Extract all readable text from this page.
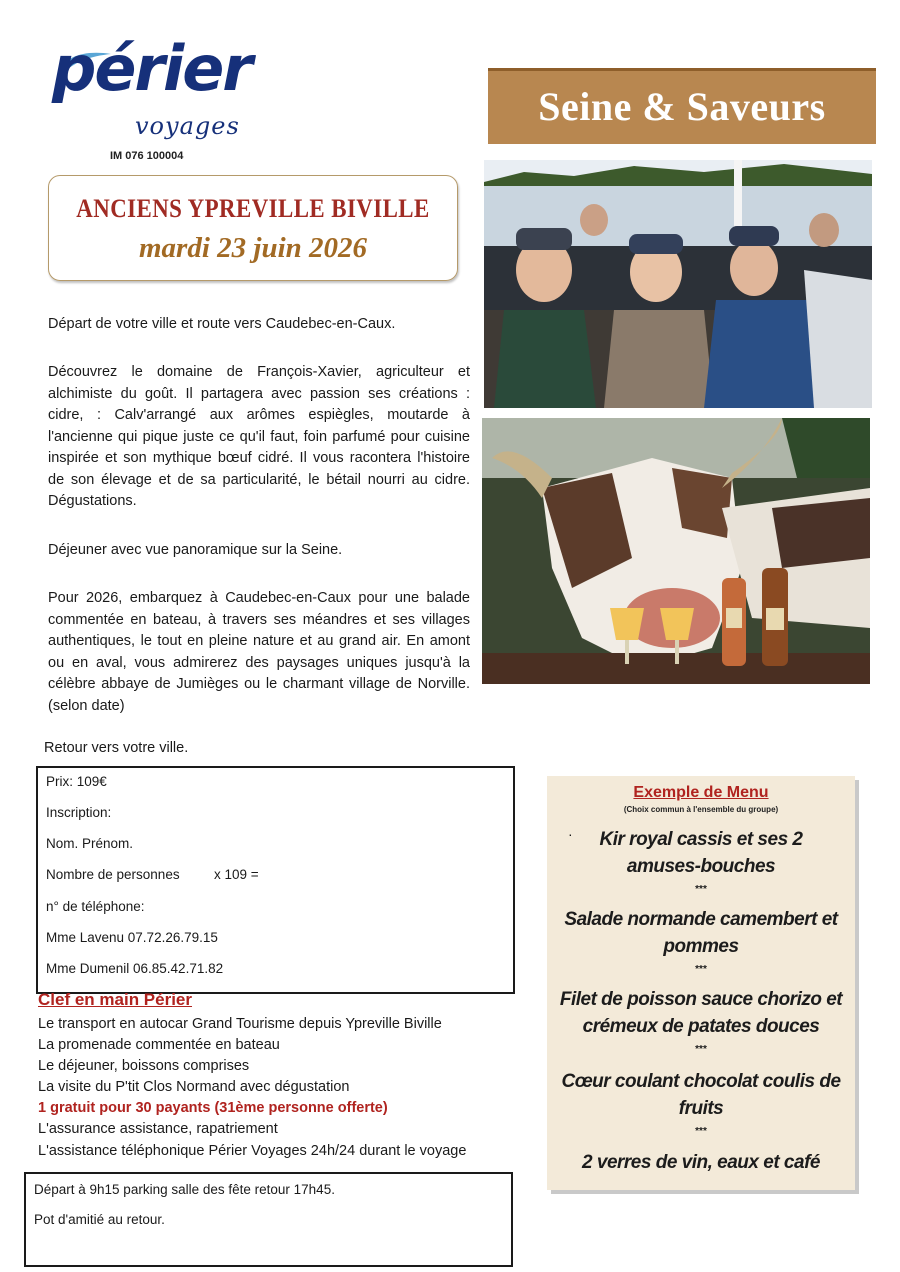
périer
voyages
IM 076 100004
ANCIENS YPREVILLE BIVILLE
mardi 23 juin 2026
Seine & Saveurs
Départ de votre ville et route vers Caudebec-en-Caux.
Découvrez le domaine de François-Xavier, agriculteur et alchimiste du goût. Il partagera avec passion ses créations : cidre, : Calv'arrangé aux arômes espiègles, moutarde à l'ancienne qui pique juste ce qu'il faut, foin parfumé pour cuisine inspirée et son mythique bœuf cidré. Il vous racontera l'histoire de son élevage et de sa particularité, le bétail nourri au cidre. Dégustations.
Déjeuner avec vue panoramique sur la Seine.
Pour 2026, embarquez à Caudebec-en-Caux pour une balade commentée en bateau, à travers ses méandres et ses villages authentiques, le tout en pleine nature et au grand air. En amont ou en aval, vous admirerez des paysages uniques jusqu'à la célèbre abbaye de Jumièges ou le charmant village de Norville. (selon date)
Retour vers votre ville.
Prix: 109€
Inscription:
Nom. Prénom.
Nombre de personnes	x 109 =
n° de téléphone:
Mme Lavenu 07.72.26.79.15
Mme Dumenil 06.85.42.71.82
Clef en main Périer
Le transport en autocar Grand Tourisme depuis Ypreville Biville
La promenade commentée en bateau
Le déjeuner, boissons comprises
La visite du P'tit Clos Normand avec dégustation
1 gratuit pour 30 payants (31ème personne offerte)
L'assurance assistance, rapatriement
L'assistance téléphonique Périer Voyages 24h/24 durant le voyage
Départ à 9h15 parking salle des fête retour 17h45.
Pot d'amitié au retour.
Exemple de Menu
(Choix commun à l'ensemble du groupe)
Kir royal cassis et ses 2 amuses-bouches
***
Salade normande camembert et pommes
***
Filet de poisson sauce chorizo et crémeux de patates douces
***
Cœur coulant chocolat coulis de fruits
***
2 verres de vin, eaux et café
·
